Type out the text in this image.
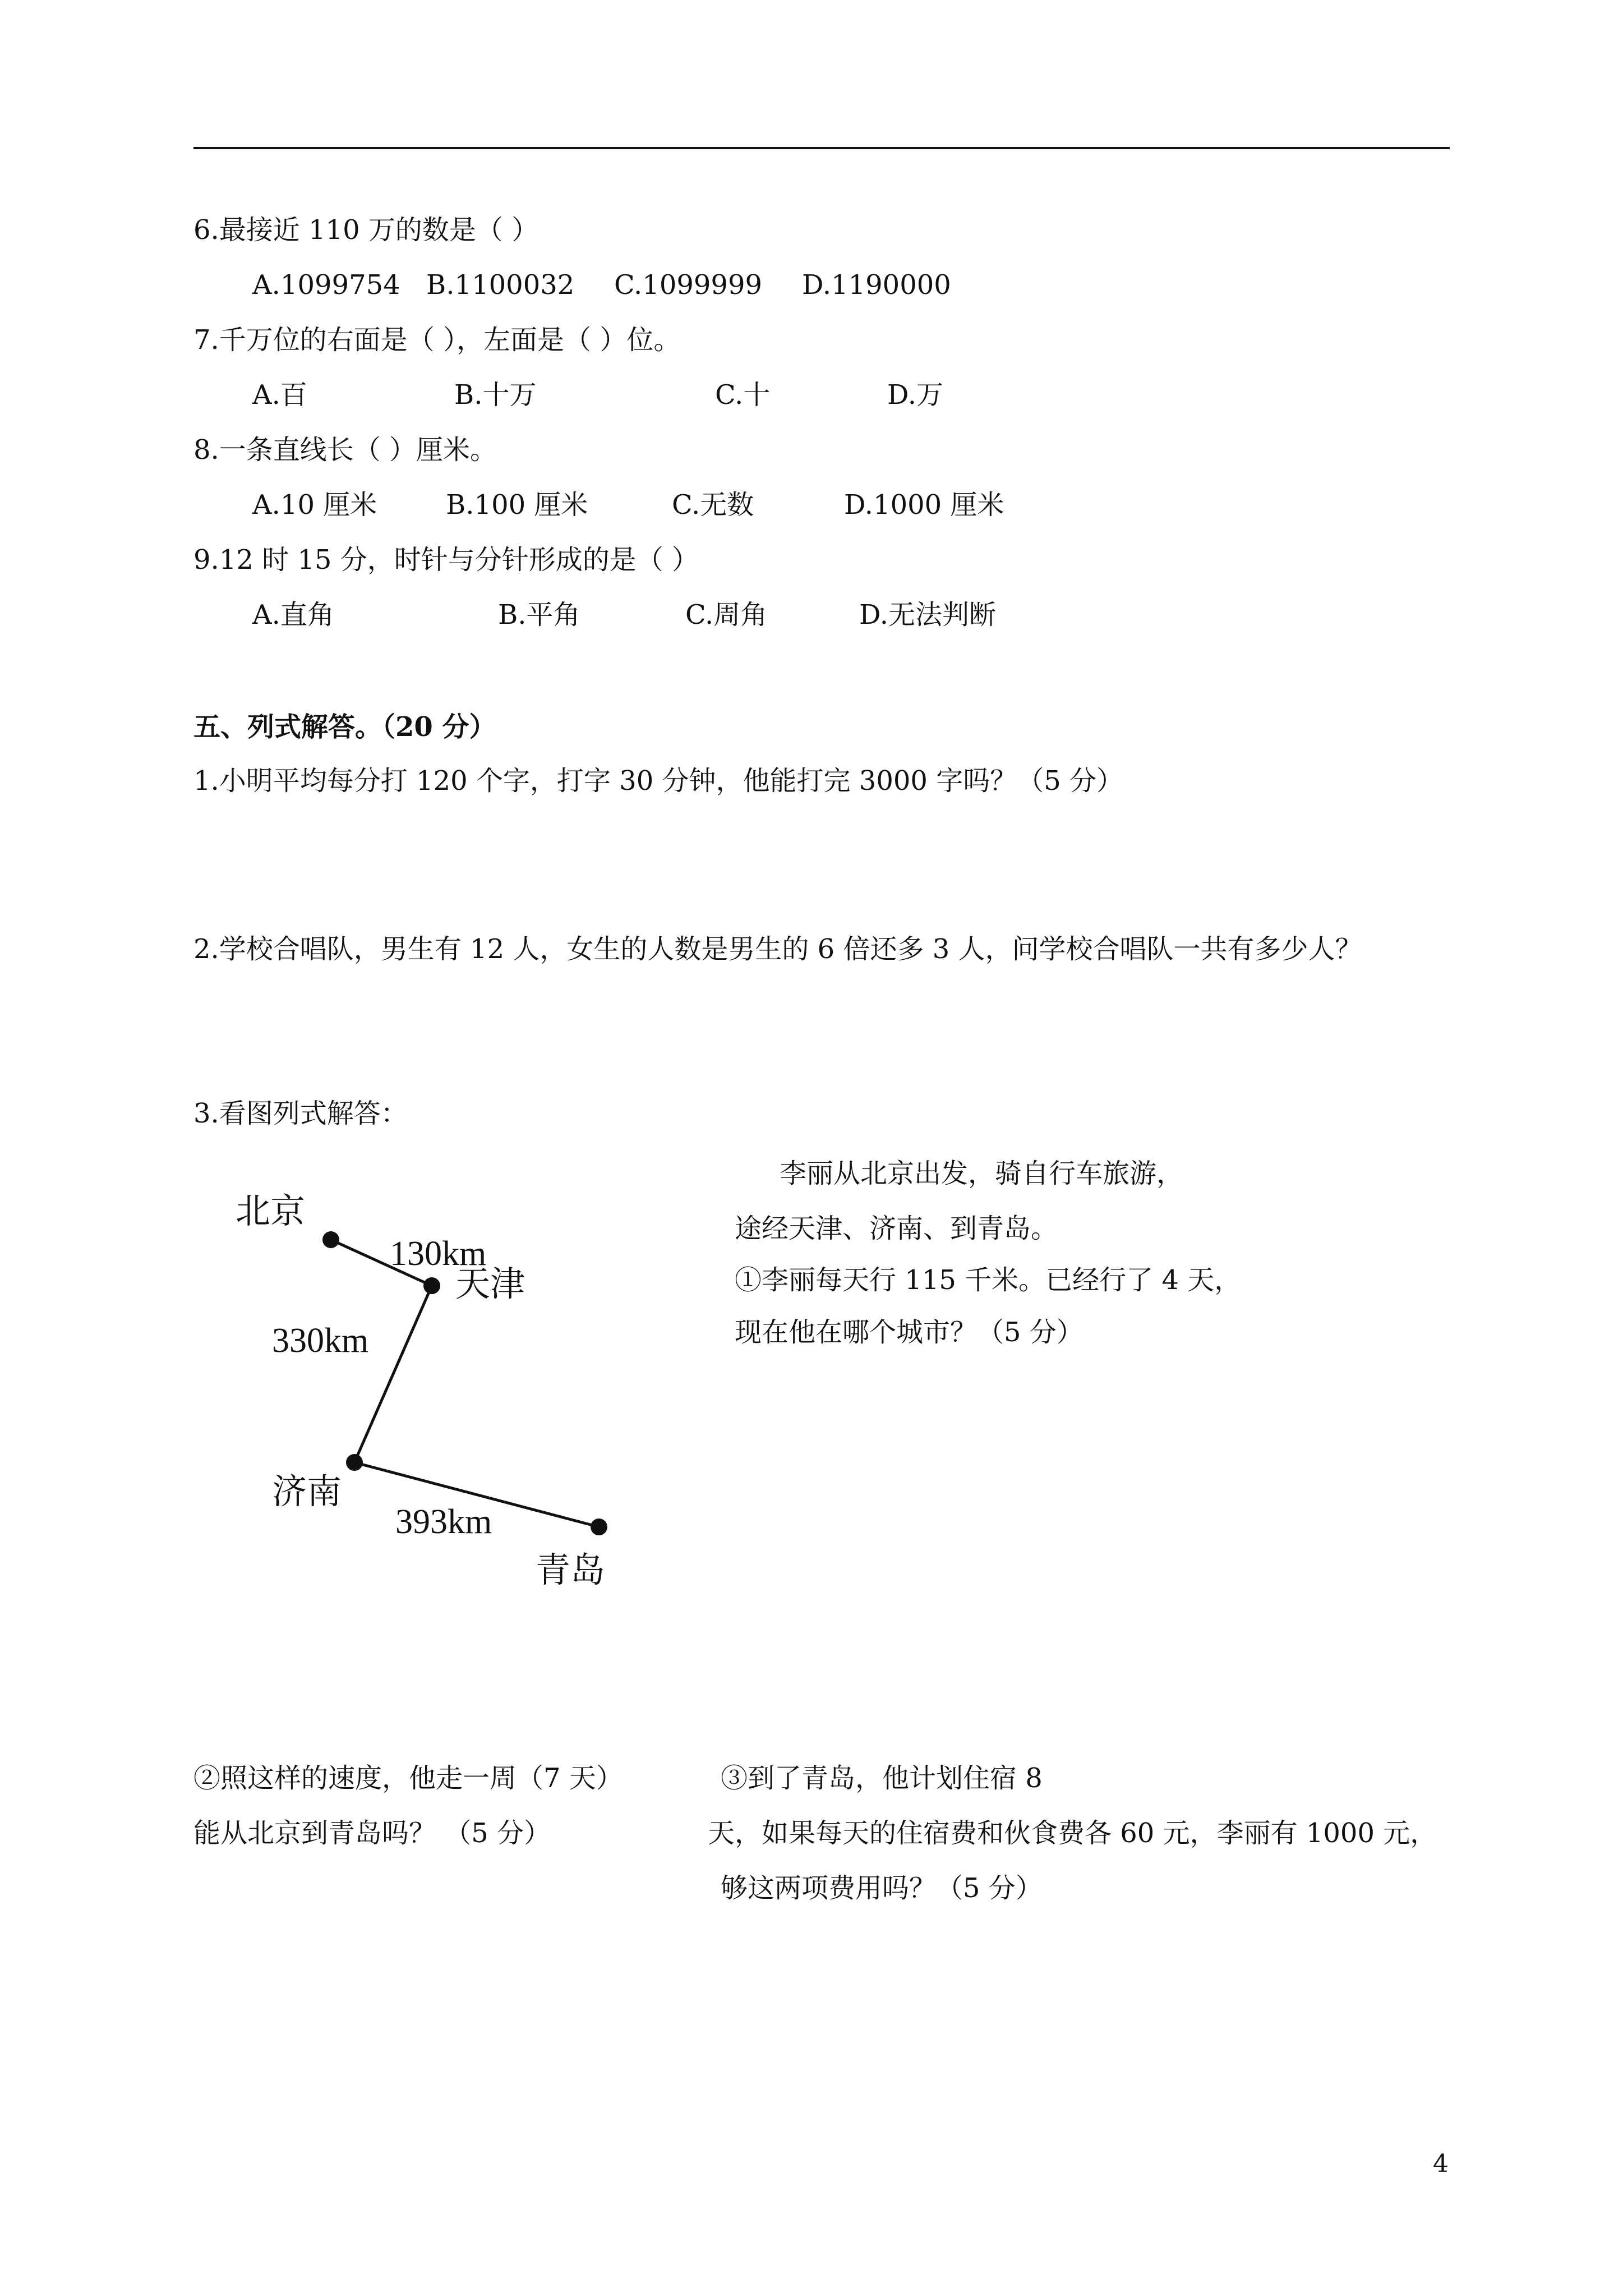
6.最接近 110 万的数是（ ）
A.1099754 B.1100032 C.1099999 D.1190000
7.千万位的右面是（ ），左面是（ ）位。
A.百	B.十万	C.十	D.万
8.一条直线长（ ）厘米。
A.10 厘米	B.100 厘米	C.无数	D.1000 厘米
9.12 时 15 分，时针与分针形成的是（ ）
A.直角	B.平角	C.周角	D.无法判断
五、列式解答。（20 分）
1.小明平均每分打 120 个字，打字 30 分钟，他能打完 3000 字吗？（5 分）
2.学校合唱队，男生有 12 人，女生的人数是男生的 6 倍还多 3 人，问学校合唱队一共有多少人？
3.看图列式解答：
北京
130km
天津
330km
济南
393km
青岛
李丽从北京出发，骑自行车旅游，
途经天津、济南、到青岛。
①李丽每天行 115 千米。已经行了 4 天，
现在他在哪个城市？（5 分）
②照这样的速度，他走一周（7 天）
能从北京到青岛吗？ （5 分）
③到了青岛，他计划住宿 8
天，如果每天的住宿费和伙食费各 60 元，李丽有 1000 元，
够这两项费用吗？（5 分）
4
